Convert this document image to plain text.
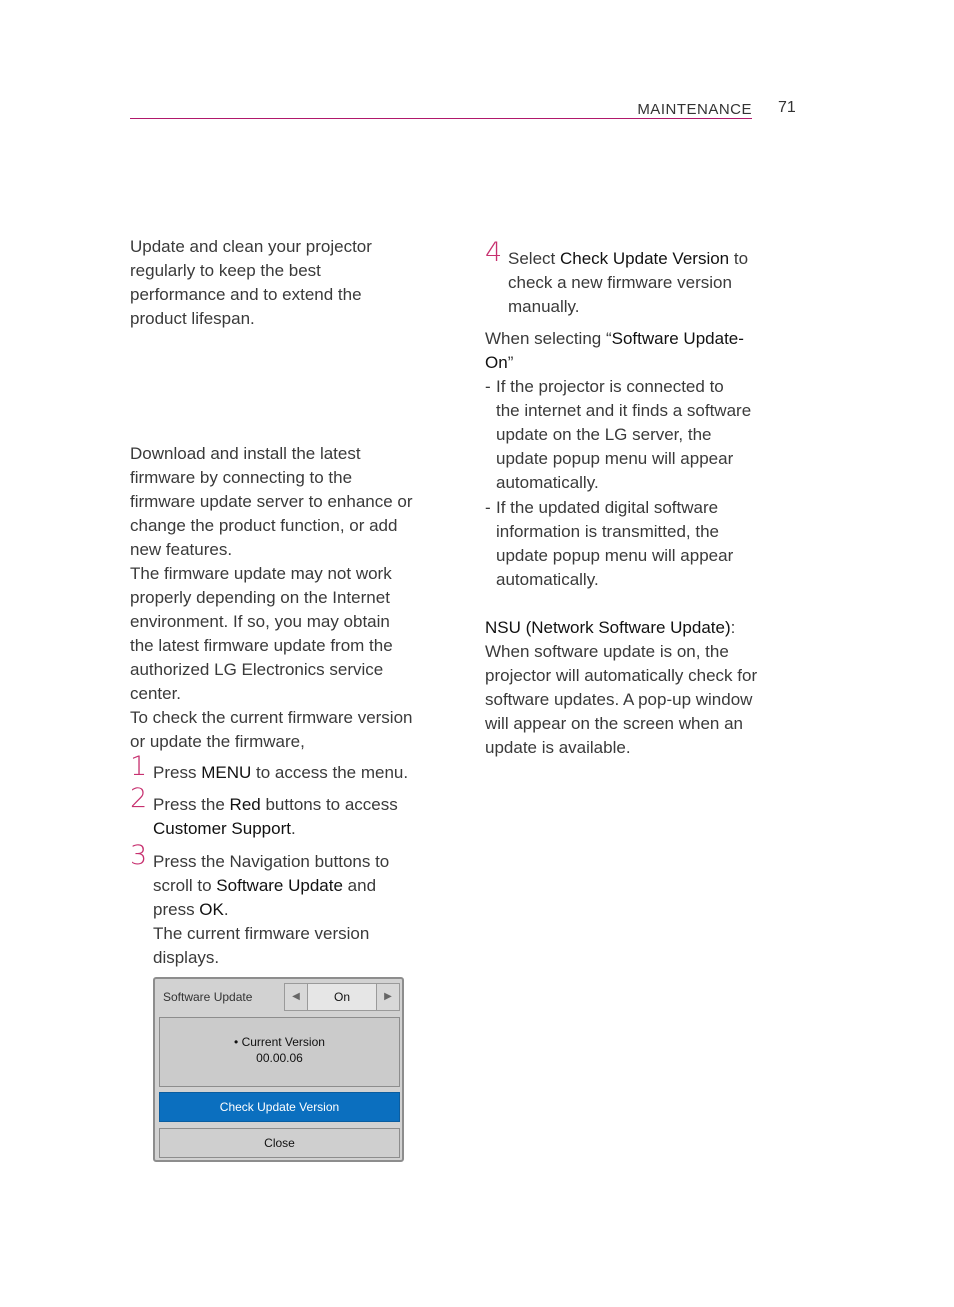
MAINTENANCE 71

Update and clean your projector

regularly to keep the best

performance and to extend the

product lifespan.

Download and install the latest

firmware by connecting to the

firmware update server to enhance or

change the product function, or add

new features.

The firmware update may not work

properly depending on the Internet

environment. If so, you may obtain

the latest firmware update from the

authorized LG Electronics service

center.

To check the current firmware version

or update the firmware,

1 Press MENU to access the menu.
2 Press the Red buttons to access

Customer Support.

3 Press the Navigation buttons to

scroll to Software Update and

press OK.

The current firmware version

displays.

Software Update	◀	On	▶
• Current Version
00.00.06
Check Update Version
Close
4 Select Check Update Version to

check a new firmware version

manually.

When selecting “Software Update-

On”

- If the projector is connected to

the internet and it finds a software

update on the LG server, the

update popup menu will appear

automatically.

- If the updated digital software

information is transmitted, the

update popup menu will appear

automatically.

NSU (Network Software Update):

When software update is on, the

projector will automatically check for

software updates. A pop-up window

will appear on the screen when an

update is available.
